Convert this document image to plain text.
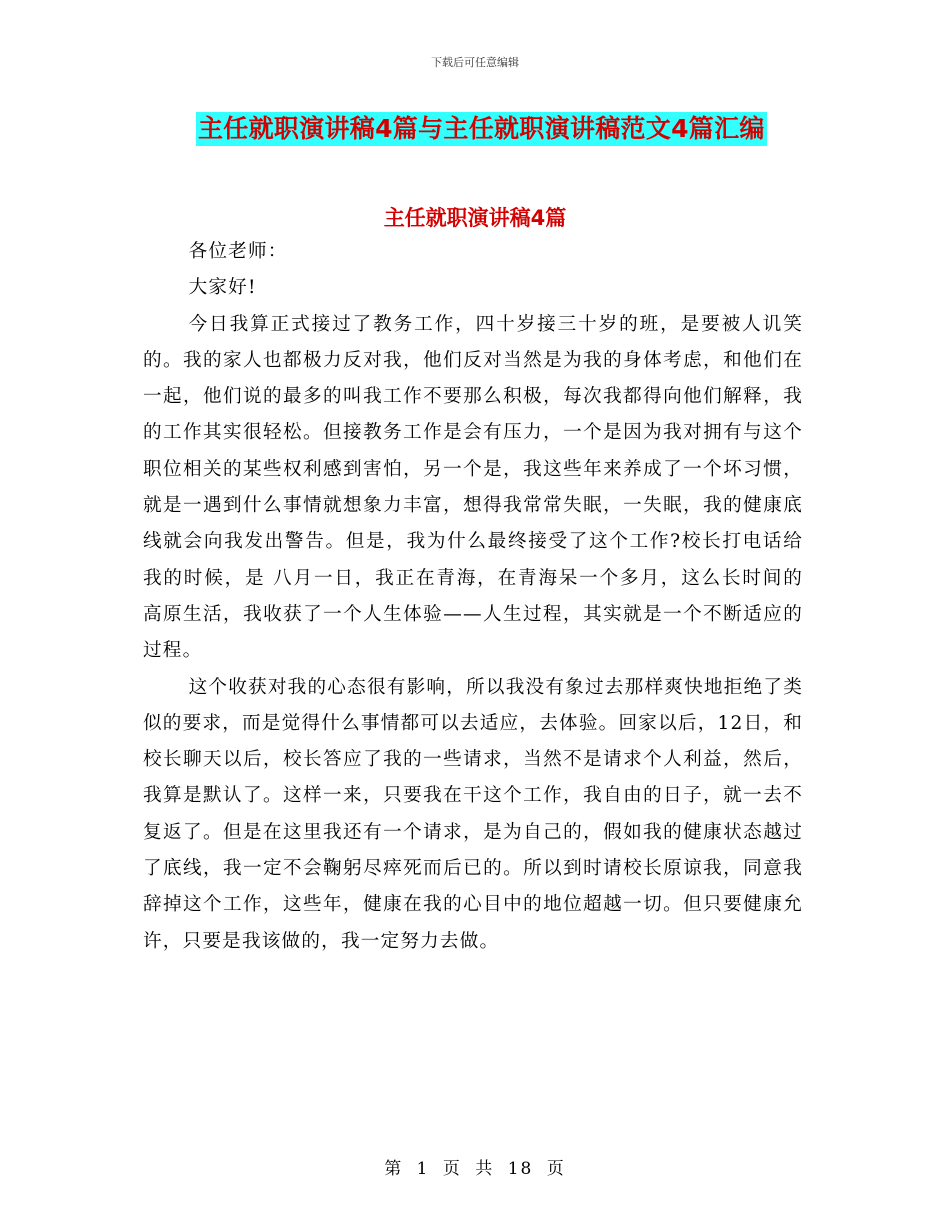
下载后可任意编辑
主任就职演讲稿4篇与主任就职演讲稿范文4篇汇编
主任就职演讲稿4篇

各位老师：

大家好!

今日我算正式接过了教务工作，四十岁接三十岁的班，是要被人讥笑的。我的家人也都极力反对我，他们反对当然是为我的身体考虑，和他们在一起，他们说的最多的叫我工作不要那么积极，每次我都得向他们解释，我的工作其实很轻松。但接教务工作是会有压力，一个是因为我对拥有与这个职位相关的某些权利感到害怕，另一个是，我这些年来养成了一个坏习惯，就是一遇到什么事情就想象力丰富，想得我常常失眠，一失眠，我的健康底线就会向我发出警告。但是，我为什么最终接受了这个工作?校长打电话给我的时候，是 八月一日，我正在青海，在青海呆一个多月，这么长时间的高原生活，我收获了一个人生体验——人生过程，其实就是一个不断适应的过程。

这个收获对我的心态很有影响，所以我没有象过去那样爽快地拒绝了类似的要求，而是觉得什么事情都可以去适应，去体验。回家以后，12日，和校长聊天以后，校长答应了我的一些请求，当然不是请求个人利益，然后，我算是默认了。这样一来，只要我在干这个工作，我自由的日子，就一去不复返了。但是在这里我还有一个请求，是为自己的，假如我的健康状态越过了底线，我一定不会鞠躬尽瘁死而后已的。所以到时请校长原谅我，同意我辞掉这个工作，这些年，健康在我的心目中的地位超越一切。但只要健康允许，只要是我该做的，我一定努力去做。

第 1 页 共 18 页
